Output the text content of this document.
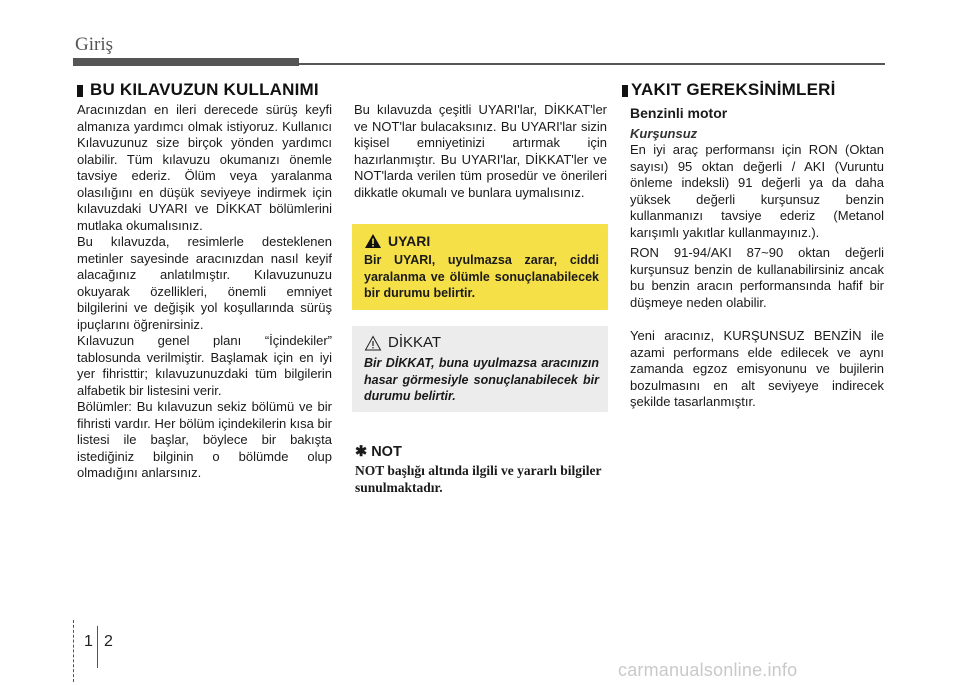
Giriş
BU KILAVUZUN KULLANIMI

Aracınızdan en ileri derecede sürüş keyfi almanıza yardımcı olmak istiyoruz. Kullanıcı Kılavuzunuz size birçok yönden yardımcı olabilir. Tüm kılavuzu okumanızı önemle tavsiye ederiz. Ölüm veya yaralanma olasılığını en düşük seviyeye indirmek için kılavuzdaki UYARI ve DİKKAT bölümlerini mutlaka okumalısınız.

Bu kılavuzda, resimlerle desteklenen metinler sayesinde aracınızdan nasıl keyif alacağınız anlatılmıştır. Kılavuzunuzu okuyarak özellikleri, önemli emniyet bilgilerini ve değişik yol koşullarında sürüş ipuçlarını öğrenirsiniz.

Kılavuzun genel planı “İçindekiler” tablosunda verilmiştir. Başlamak için en iyi yer fihristtir; kılavuzunuzdaki tüm bilgilerin alfabetik bir listesini verir.

Bölümler: Bu kılavuzun sekiz bölümü ve bir fihristi vardır. Her bölüm içindekilerin kısa bir listesi ile başlar, böylece bir bakışta istediğiniz bilginin o bölümde olup olmadığını anlarsınız.

Bu kılavuzda çeşitli UYARI'lar, DİKKAT'ler ve NOT'lar bulacaksınız. Bu UYARI'lar sizin kişisel emniyetinizi artırmak için hazırlanmıştır. Bu UYARI'lar, DİKKAT'ler ve NOT'larda verilen tüm prosedür ve önerileri dikkatle okumalı ve bunlara uymalısınız.

UYARI
Bir UYARI, uyulmazsa zarar, ciddi yaralanma ve ölümle sonuçlanabilecek bir durumu belirtir.
DİKKAT
Bir DİKKAT, buna uyulmazsa aracınızın hasar görmesiyle sonuçlanabilecek bir durumu belirtir.
✱ NOT
NOT başlığı altında ilgili ve yararlı bilgiler sunulmaktadır.
YAKIT GEREKSİNİMLERİ
Benzinli motor
Kurşunsuz

En iyi araç performansı için RON (Oktan sayısı) 95 oktan değerli / AKI (Vuruntu önleme indeksli) 91 değerli ya da daha yüksek değerli kurşunsuz benzin kullanmanızı tavsiye ederiz (Metanol karışımlı yakıtlar kullanmayınız.).

RON 91-94/AKI 87~90 oktan değerli kurşunsuz benzin de kullanabilirsiniz ancak bu benzin aracın performansında hafif bir düşmeye neden olabilir.

Yeni aracınız, KURŞUNSUZ BENZİN ile azami performans elde edilecek ve aynı zamanda egzoz emisyonunu ve bujilerin bozulmasını en alt seviyeye indirecek şekilde tasarlanmıştır.

1 2
carmanualsonline.info
